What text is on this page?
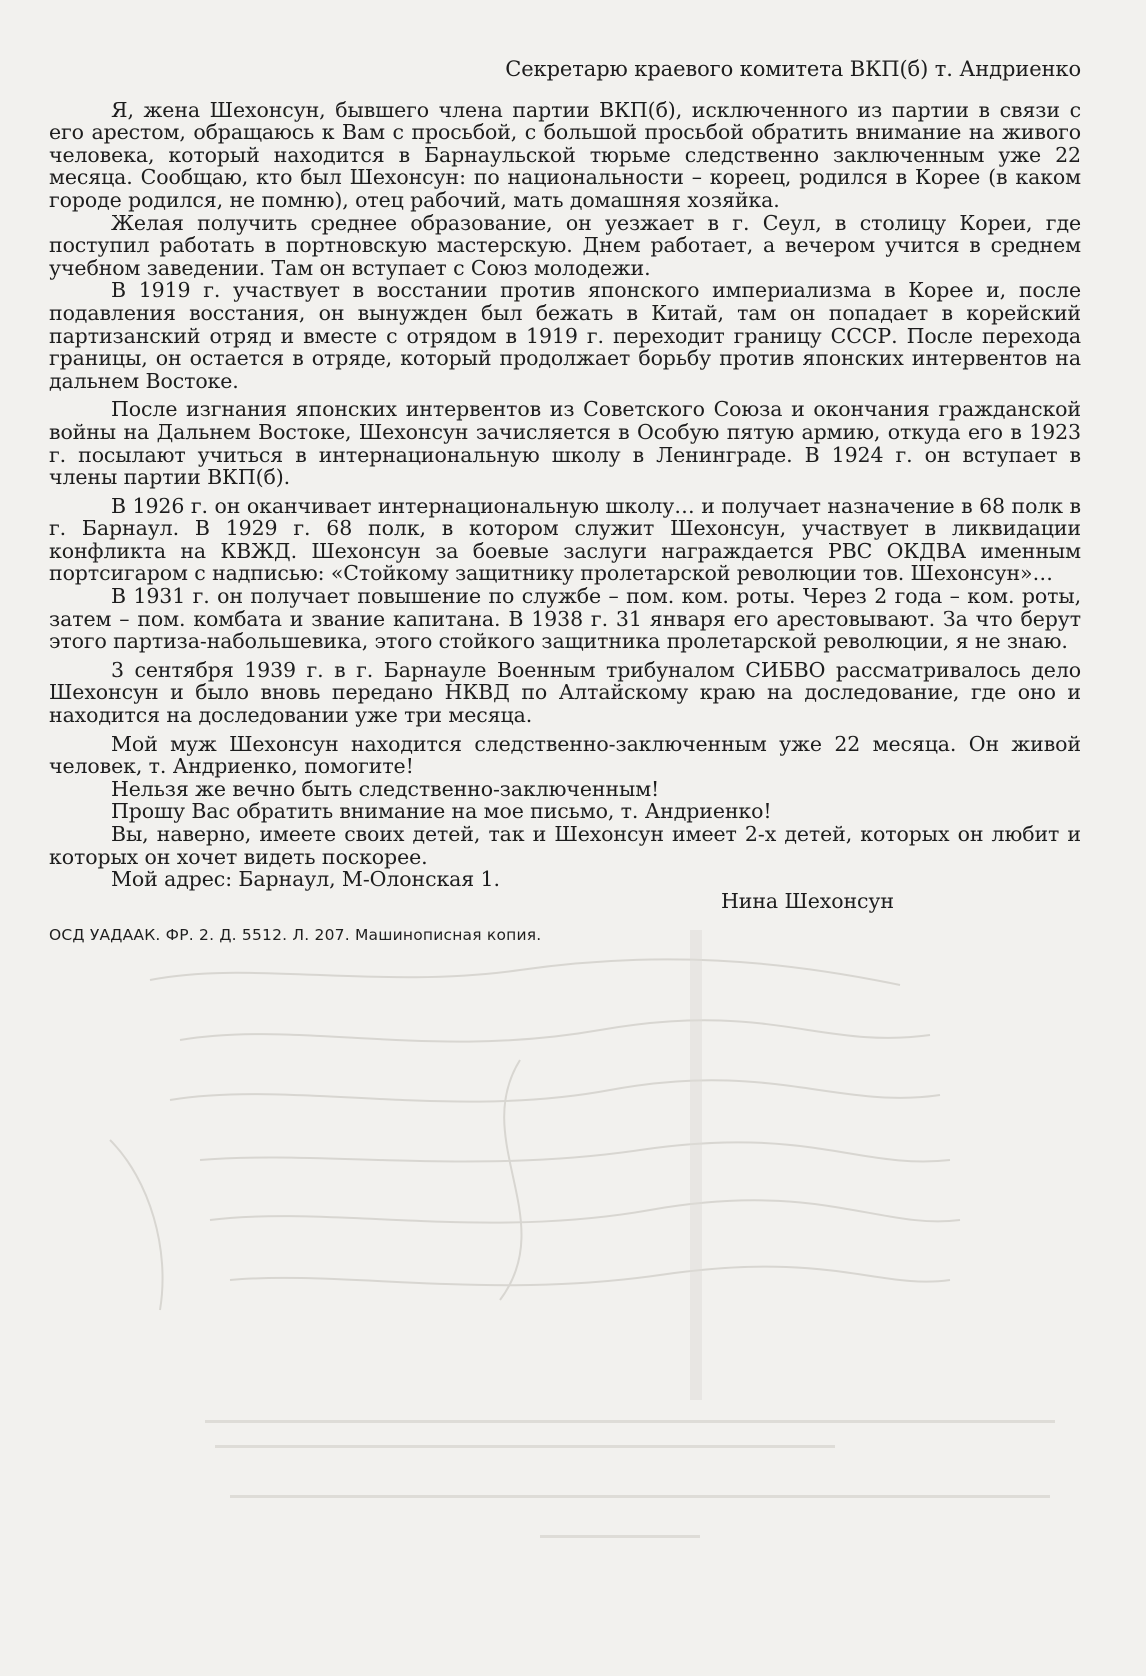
Секретарю краевого комитета ВКП(б) т. Андриенко

Я, жена Шехонсун, бывшего члена партии ВКП(б), исключенного из партии в связи с его арестом, обращаюсь к Вам с просьбой, с большой просьбой обратить внимание на живого человека, который находится в Барнаульской тюрьме следственно заключенным уже 22 месяца. Сообщаю, кто был Шехонсун: по национальности – кореец, родился в Корее (в каком городе родился, не помню), отец рабочий, мать домашняя хозяйка.

Желая получить среднее образование, он уезжает в г. Сеул, в столицу Кореи, где поступил работать в портновскую мастерскую. Днем работает, а вечером учится в среднем учебном заведении. Там он вступает с Союз молодежи.

В 1919 г. участвует в восстании против японского империализма в Корее и, после подавления восстания, он вынужден был бежать в Китай, там он попадает в корейский партизанский отряд и вместе с отрядом в 1919 г. переходит границу СССР. После перехода границы, он остается в отряде, который продолжает борьбу против японских интервентов на дальнем Востоке.

После изгнания японских интервентов из Советского Союза и окончания гражданской войны на Дальнем Востоке, Шехонсун зачисляется в Особую пятую армию, откуда его в 1923 г. посылают учиться в интернациональную школу в Ленинграде. В 1924 г. он вступает в члены партии ВКП(б).

В 1926 г. он оканчивает интернациональную школу… и получает назначение в 68 полк в г. Барнаул. В 1929 г. 68 полк, в котором служит Шехонсун, участвует в ликвидации конфликта на КВЖД. Шехонсун за боевые заслуги награждается РВС ОКДВА именным портсигаром с надписью: «Стойкому защитнику пролетарской революции тов. Шехонсун»…

В 1931 г. он получает повышение по службе – пом. ком. роты. Через 2 года – ком. роты, затем – пом. комбата и звание капитана. В 1938 г. 31 января его арестовывают. За что берут этого партиза-набольшевика, этого стойкого защитника пролетарской революции, я не знаю.

3 сентября 1939 г. в г. Барнауле Военным трибуналом СИБВО рассматривалось дело Шехонсун и было вновь передано НКВД по Алтайскому краю на доследование, где оно и находится на доследовании уже три месяца.

Мой муж Шехонсун находится следственно-заключенным уже 22 месяца. Он живой человек, т. Андриенко, помогите!

Нельзя же вечно быть следственно-заключенным!

Прошу Вас обратить внимание на мое письмо, т. Андриенко!

Вы, наверно, имеете своих детей, так и Шехонсун имеет 2-х детей, которых он любит и которых он хочет видеть поскорее.

Мой адрес: Барнаул, М-Олонская 1.
Нина Шехонсун
ОСД УАДААК. ФР. 2. Д. 5512. Л. 207. Машинописная копия.
